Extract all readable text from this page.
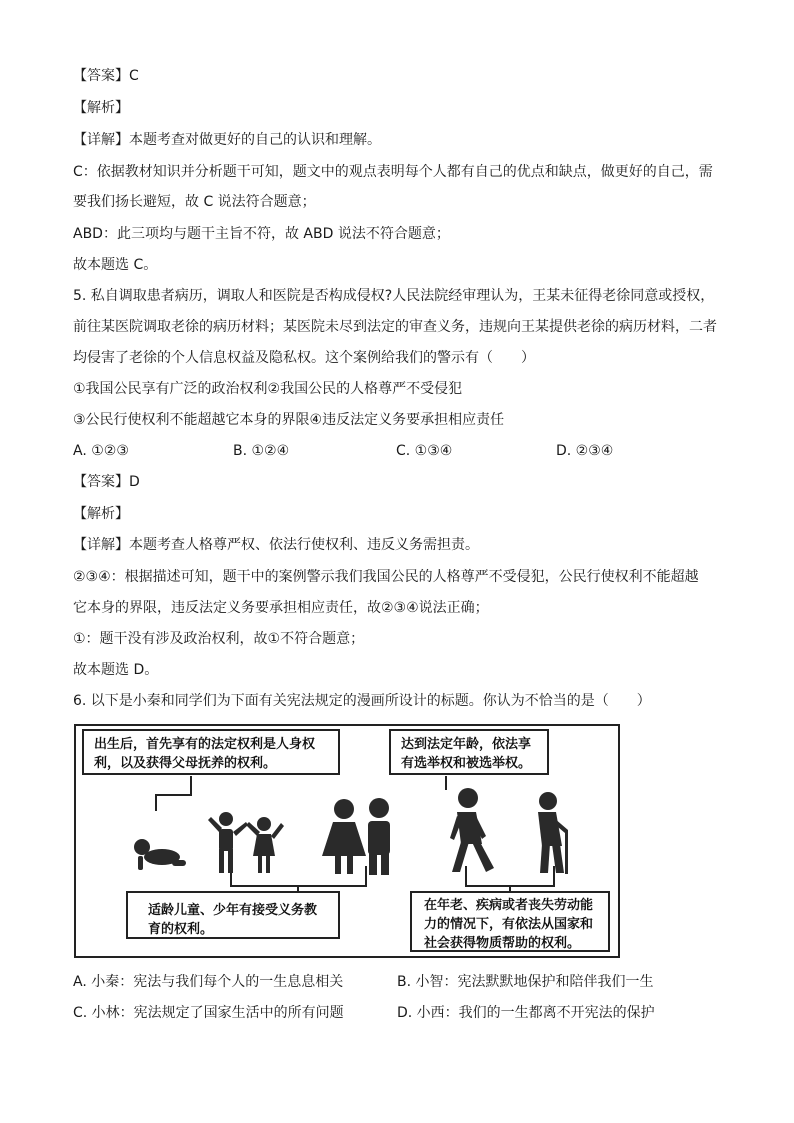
【答案】C
【解析】
【详解】本题考查对做更好的自己的认识和理解。
C：依据教材知识并分析题干可知，题文中的观点表明每个人都有自己的优点和缺点，做更好的自己，需
要我们扬长避短，故 C 说法符合题意；
ABD：此三项均与题干主旨不符，故 ABD 说法不符合题意；
故本题选 C。
5. 私自调取患者病历，调取人和医院是否构成侵权?人民法院经审理认为，王某未征得老徐同意或授权，
前往某医院调取老徐的病历材料；某医院未尽到法定的审查义务，违规向王某提供老徐的病历材料，二者
均侵害了老徐的个人信息权益及隐私权。这个案例给我们的警示有（　　）
①我国公民享有广泛的政治权利②我国公民的人格尊严不受侵犯
③公民行使权利不能超越它本身的界限④违反法定义务要承担相应责任
A. ①②③	B. ①②④	C. ①③④	D. ②③④
【答案】D
【解析】
【详解】本题考查人格尊严权、依法行使权利、违反义务需担责。
②③④：根据描述可知，题干中的案例警示我们我国公民的人格尊严不受侵犯，公民行使权利不能超越
它本身的界限，违反法定义务要承担相应责任，故②③④说法正确；
①：题干没有涉及政治权利，故①不符合题意；
故本题选 D。
6. 以下是小秦和同学们为下面有关宪法规定的漫画所设计的标题。你认为不恰当的是（　　）
出生后，首先享有的法定权利是人身权利，以及获得父母抚养的权利。
达到法定年龄，依法享有选举权和被选举权。
适龄儿童、少年有接受义务教育的权利。
在年老、疾病或者丧失劳动能力的情况下，有依法从国家和社会获得物质帮助的权利。
A. 小秦：宪法与我们每个人的一生息息相关	B. 小智：宪法默默地保护和陪伴我们一生
C. 小林：宪法规定了国家生活中的所有问题	D. 小西：我们的一生都离不开宪法的保护
